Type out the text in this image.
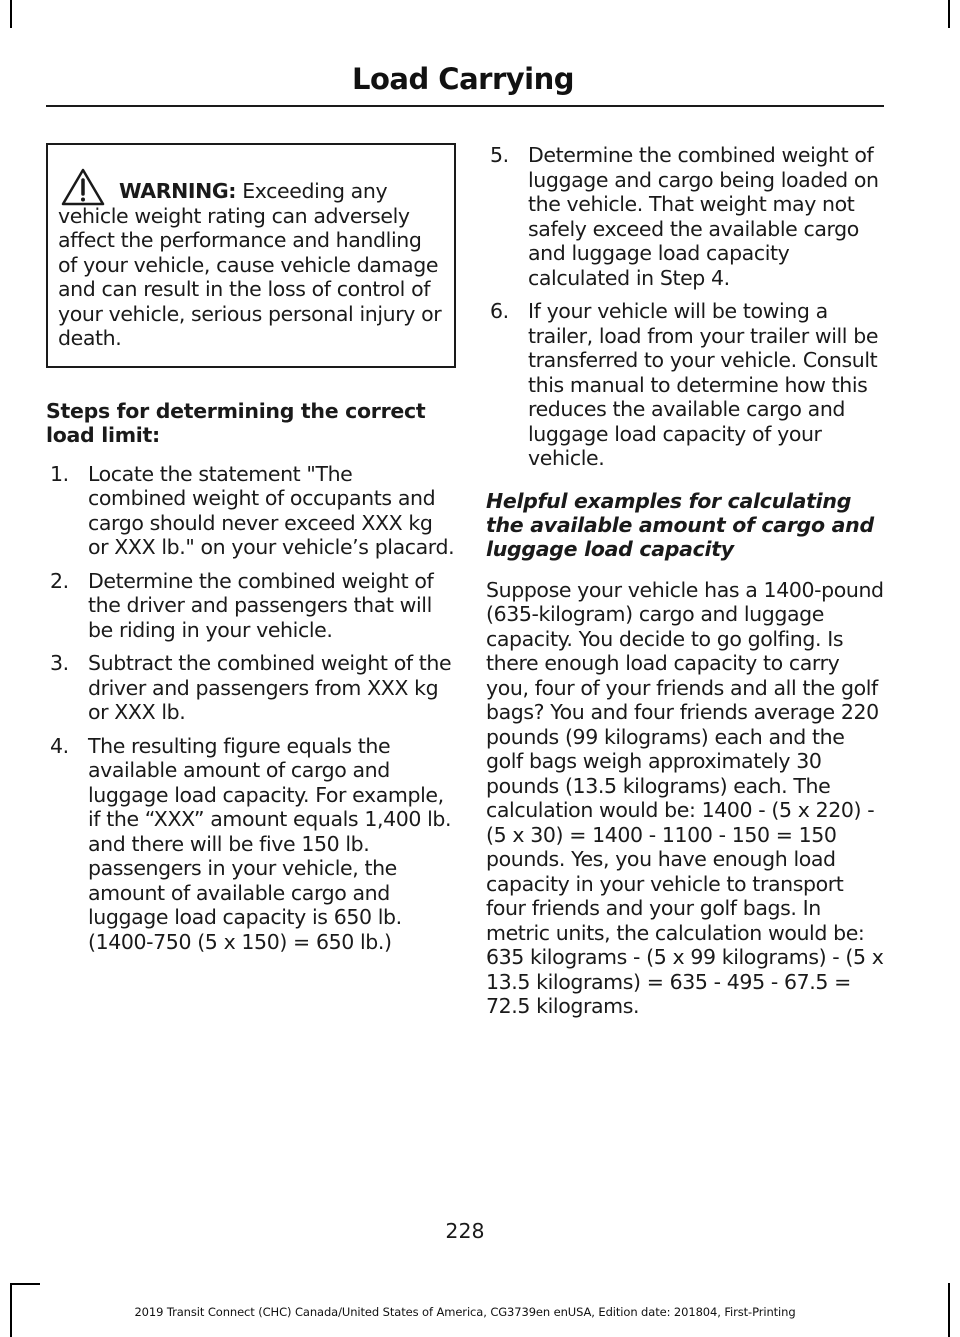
Load Carrying
WARNING: Exceeding any vehicle weight rating can adversely affect the performance and handling of your vehicle, cause vehicle damage and can result in the loss of control of your vehicle, serious personal injury or death.
Steps for determining the correct load limit:
1. Locate the statement "The combined weight of occupants and cargo should never exceed XXX kg or XXX lb." on your vehicle’s placard.
2. Determine the combined weight of the driver and passengers that will be riding in your vehicle.
3. Subtract the combined weight of the driver and passengers from XXX kg or XXX lb.
4. The resulting figure equals the available amount of cargo and luggage load capacity. For example, if the “XXX” amount equals 1,400 lb. and there will be five 150 lb. passengers in your vehicle, the amount of available cargo and luggage load capacity is 650 lb. (1400-750 (5 x 150) = 650 lb.)
5. Determine the combined weight of luggage and cargo being loaded on the vehicle. That weight may not safely exceed the available cargo and luggage load capacity calculated in Step 4.
6. If your vehicle will be towing a trailer, load from your trailer will be transferred to your vehicle. Consult this manual to determine how this reduces the available cargo and luggage load capacity of your vehicle.
Helpful examples for calculating the available amount of cargo and luggage load capacity

Suppose your vehicle has a 1400-pound (635-kilogram) cargo and luggage capacity. You decide to go golfing. Is there enough load capacity to carry you, four of your friends and all the golf bags? You and four friends average 220 pounds (99 kilograms) each and the golf bags weigh approximately 30 pounds (13.5 kilograms) each. The calculation would be: 1400 - (5 x 220) - (5 x 30) = 1400 - 1100 - 150 = 150 pounds. Yes, you have enough load capacity in your vehicle to transport four friends and your golf bags. In metric units, the calculation would be: 635 kilograms - (5 x 99 kilograms) - (5 x 13.5 kilograms) = 635 - 495 - 67.5 = 72.5 kilograms.

228
2019 Transit Connect (CHC) Canada/United States of America, CG3739en enUSA, Edition date: 201804, First-Printing
